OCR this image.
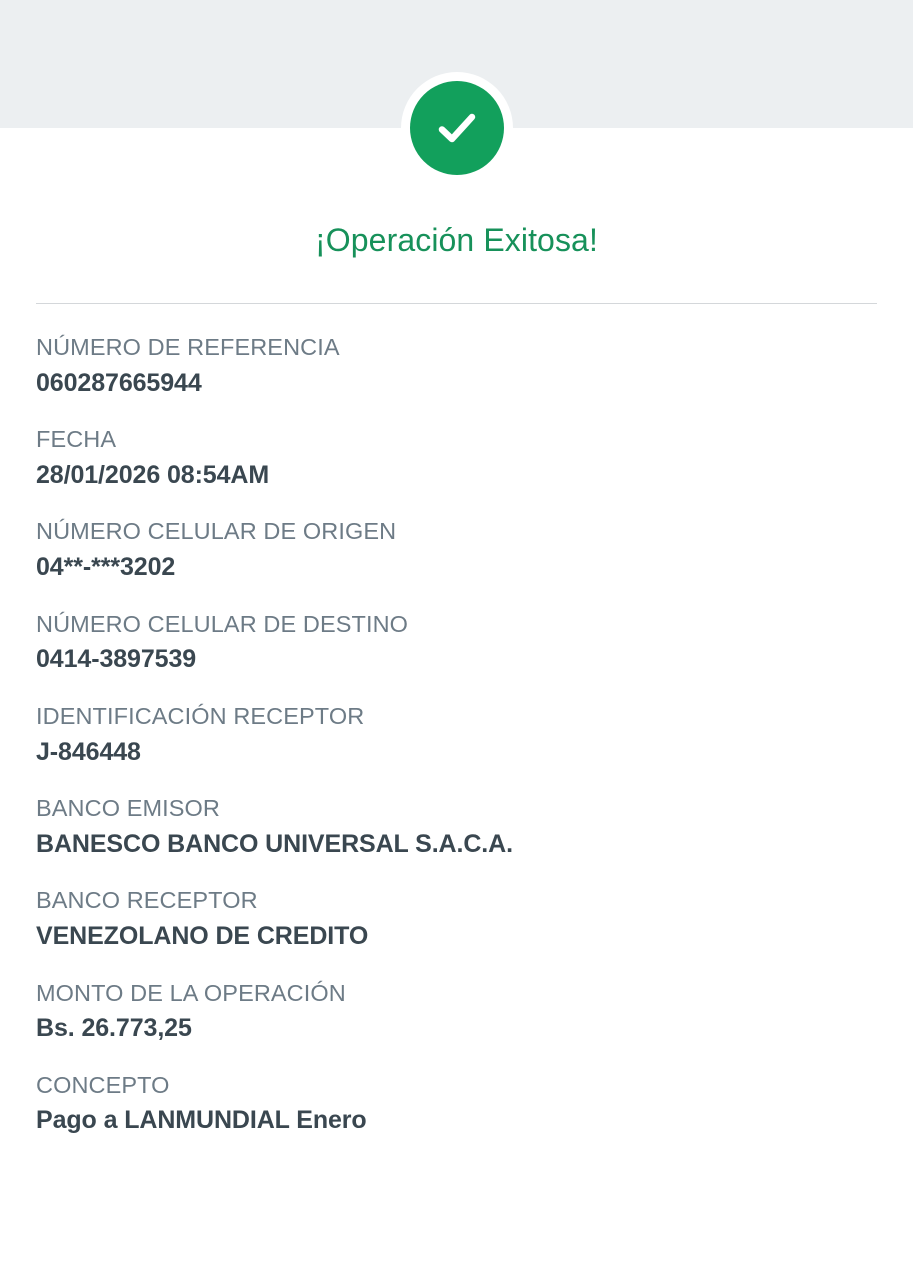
¡Operación Exitosa!
NÚMERO DE REFERENCIA
060287665944
FECHA
28/01/2026 08:54AM
NÚMERO CELULAR DE ORIGEN
04**-***3202
NÚMERO CELULAR DE DESTINO
0414-3897539
IDENTIFICACIÓN RECEPTOR
J-846448
BANCO EMISOR
BANESCO BANCO UNIVERSAL S.A.C.A.
BANCO RECEPTOR
VENEZOLANO DE CREDITO
MONTO DE LA OPERACIÓN
Bs. 26.773,25
CONCEPTO
Pago a LANMUNDIAL Enero
